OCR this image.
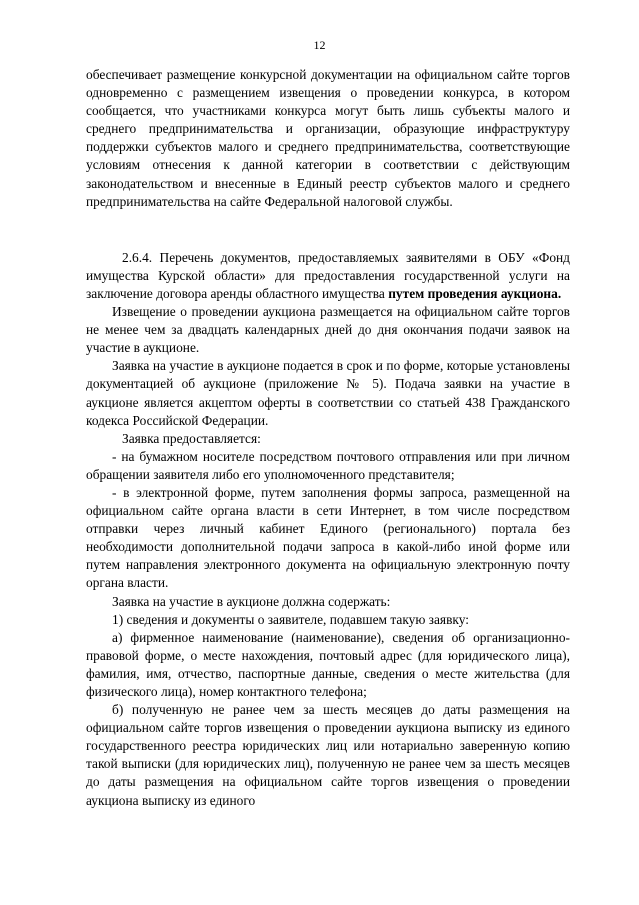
12

обеспечивает размещение конкурсной документации на официальном сайте торгов одновременно с размещением извещения о проведении конкурса, в котором сообщается, что участниками конкурса могут быть лишь субъекты малого и среднего предпринимательства и организации, образующие инфраструктуру поддержки субъектов малого и среднего предпринимательства, соответствующие условиям отнесения к данной категории в соответствии с действующим законодательством и внесенные в Единый реестр субъектов малого и среднего предпринимательства на сайте Федеральной налоговой службы.

2.6.4. Перечень документов, предоставляемых заявителями в ОБУ «Фонд имущества Курской области» для предоставления государственной услуги на заключение договора аренды областного имущества путем проведения аукциона.

Извещение о проведении аукциона размещается на официальном сайте торгов не менее чем за двадцать календарных дней до дня окончания подачи заявок на участие в аукционе.

Заявка на участие в аукционе подается в срок и по форме, которые установлены документацией об аукционе (приложение № 5). Подача заявки на участие в аукционе является акцептом оферты в соответствии со статьей 438 Гражданского кодекса Российской Федерации.

Заявка предоставляется:

- на бумажном носителе посредством почтового отправления или при личном обращении заявителя либо его уполномоченного представителя;

- в электронной форме, путем заполнения формы запроса, размещенной на официальном сайте органа власти в сети Интернет, в том числе посредством отправки через личный кабинет Единого (регионального) портала без необходимости дополнительной подачи запроса в какой-либо иной форме или путем направления электронного документа на официальную электронную почту органа власти.

Заявка на участие в аукционе должна содержать:

1) сведения и документы о заявителе, подавшем такую заявку:

а) фирменное наименование (наименование), сведения об организационно-правовой форме, о месте нахождения, почтовый адрес (для юридического лица), фамилия, имя, отчество, паспортные данные, сведения о месте жительства (для физического лица), номер контактного телефона;

б) полученную не ранее чем за шесть месяцев до даты размещения на официальном сайте торгов извещения о проведении аукциона выписку из единого государственного реестра юридических лиц или нотариально заверенную копию такой выписки (для юридических лиц), полученную не ранее чем за шесть месяцев до даты размещения на официальном сайте торгов извещения о проведении аукциона выписку из единого
